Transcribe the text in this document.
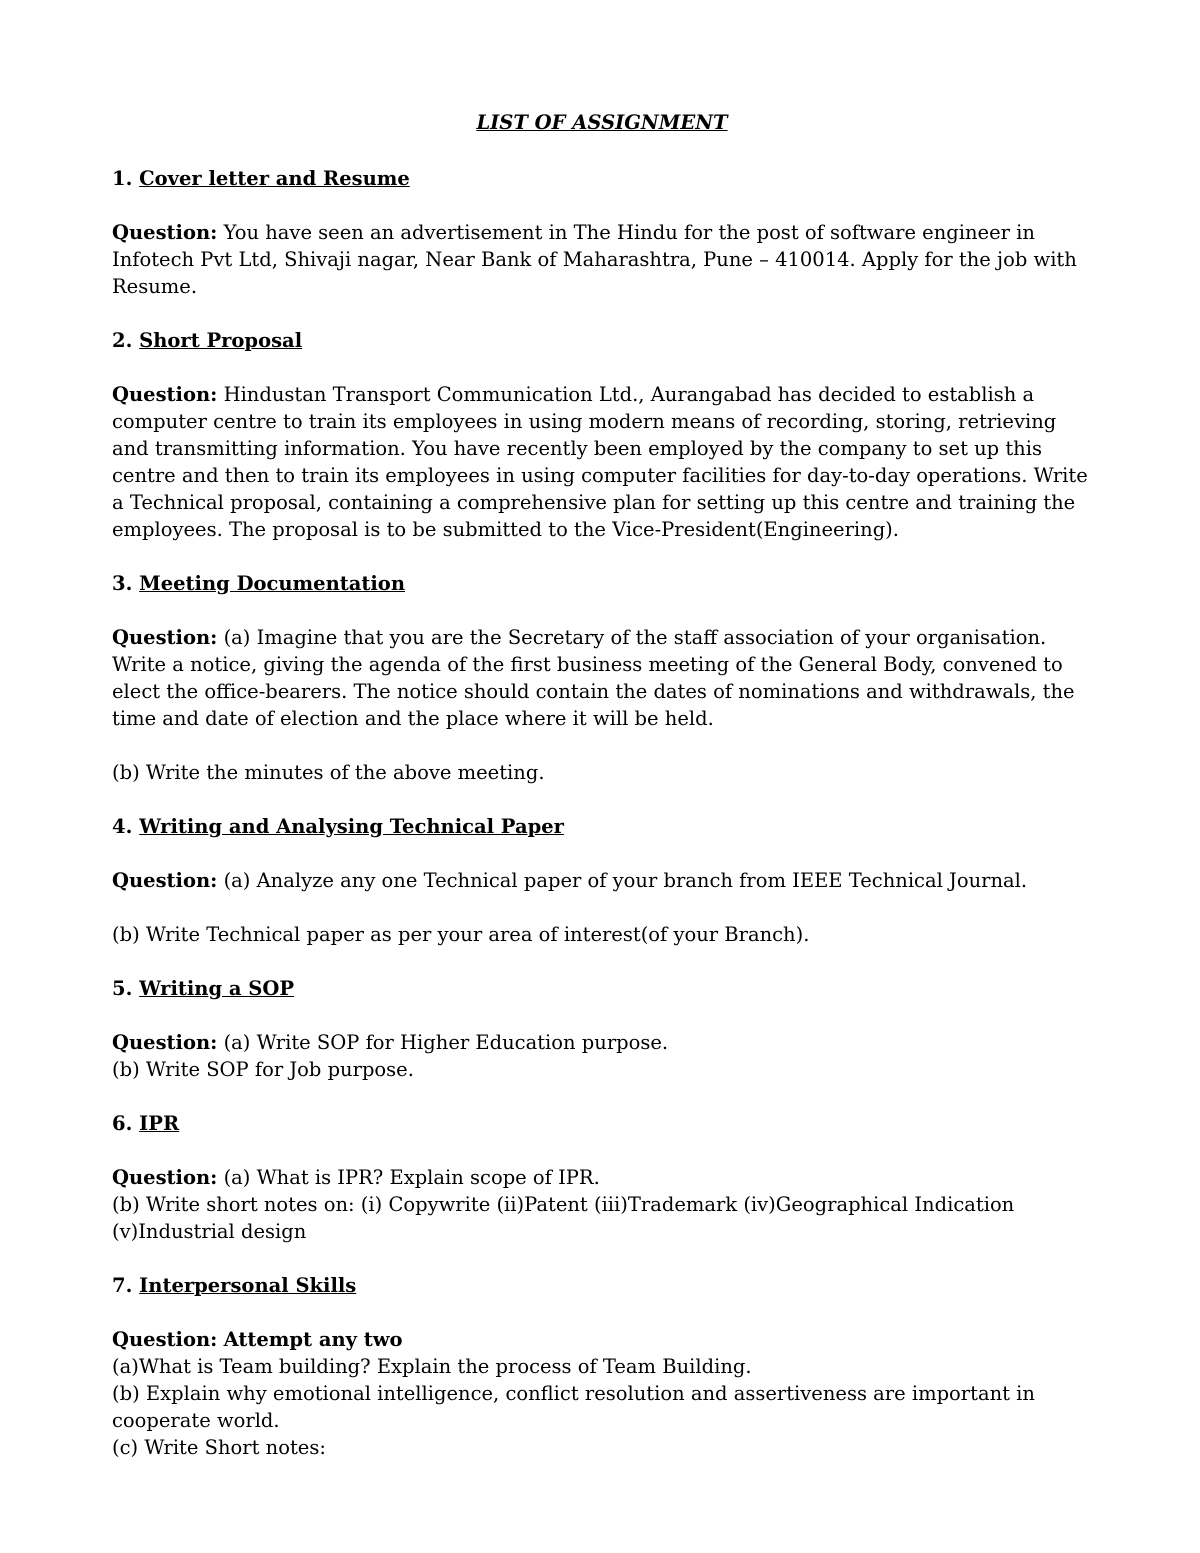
LIST OF ASSIGNMENT
1. Cover letter and Resume
Question: You have seen an advertisement in The Hindu for the post of software engineer in Infotech Pvt Ltd, Shivaji nagar, Near Bank of Maharashtra, Pune – 410014. Apply for the job with Resume.
2. Short Proposal
Question: Hindustan Transport Communication Ltd., Aurangabad has decided to establish a computer centre to train its employees in using modern means of recording, storing, retrieving and transmitting information. You have recently been employed by the company to set up this centre and then to train its employees in using computer facilities for day-to-day operations. Write a Technical proposal, containing a comprehensive plan for setting up this centre and training the employees. The proposal is to be submitted to the Vice-President(Engineering).
3. Meeting Documentation
Question: (a) Imagine that you are the Secretary of the staff association of your organisation. Write a notice, giving the agenda of the first business meeting of the General Body, convened to elect the office-bearers. The notice should contain the dates of nominations and withdrawals, the time and date of election and the place where it will be held.
(b) Write the minutes of the above meeting.
4. Writing and Analysing Technical Paper
Question: (a) Analyze any one Technical paper of your branch from IEEE Technical Journal.
(b) Write Technical paper as per your area of interest(of your Branch).
5. Writing a SOP
Question: (a) Write SOP for Higher Education purpose.
(b) Write SOP for Job purpose.
6. IPR
Question: (a) What is IPR? Explain scope of IPR.
(b) Write short notes on: (i) Copywrite (ii)Patent (iii)Trademark (iv)Geographical Indication (v)Industrial design
7. Interpersonal Skills
Question: Attempt any two
(a)What is Team building? Explain the process of Team Building.
(b) Explain why emotional intelligence, conflict resolution and assertiveness are important in cooperate world.
(c) Write Short notes:
